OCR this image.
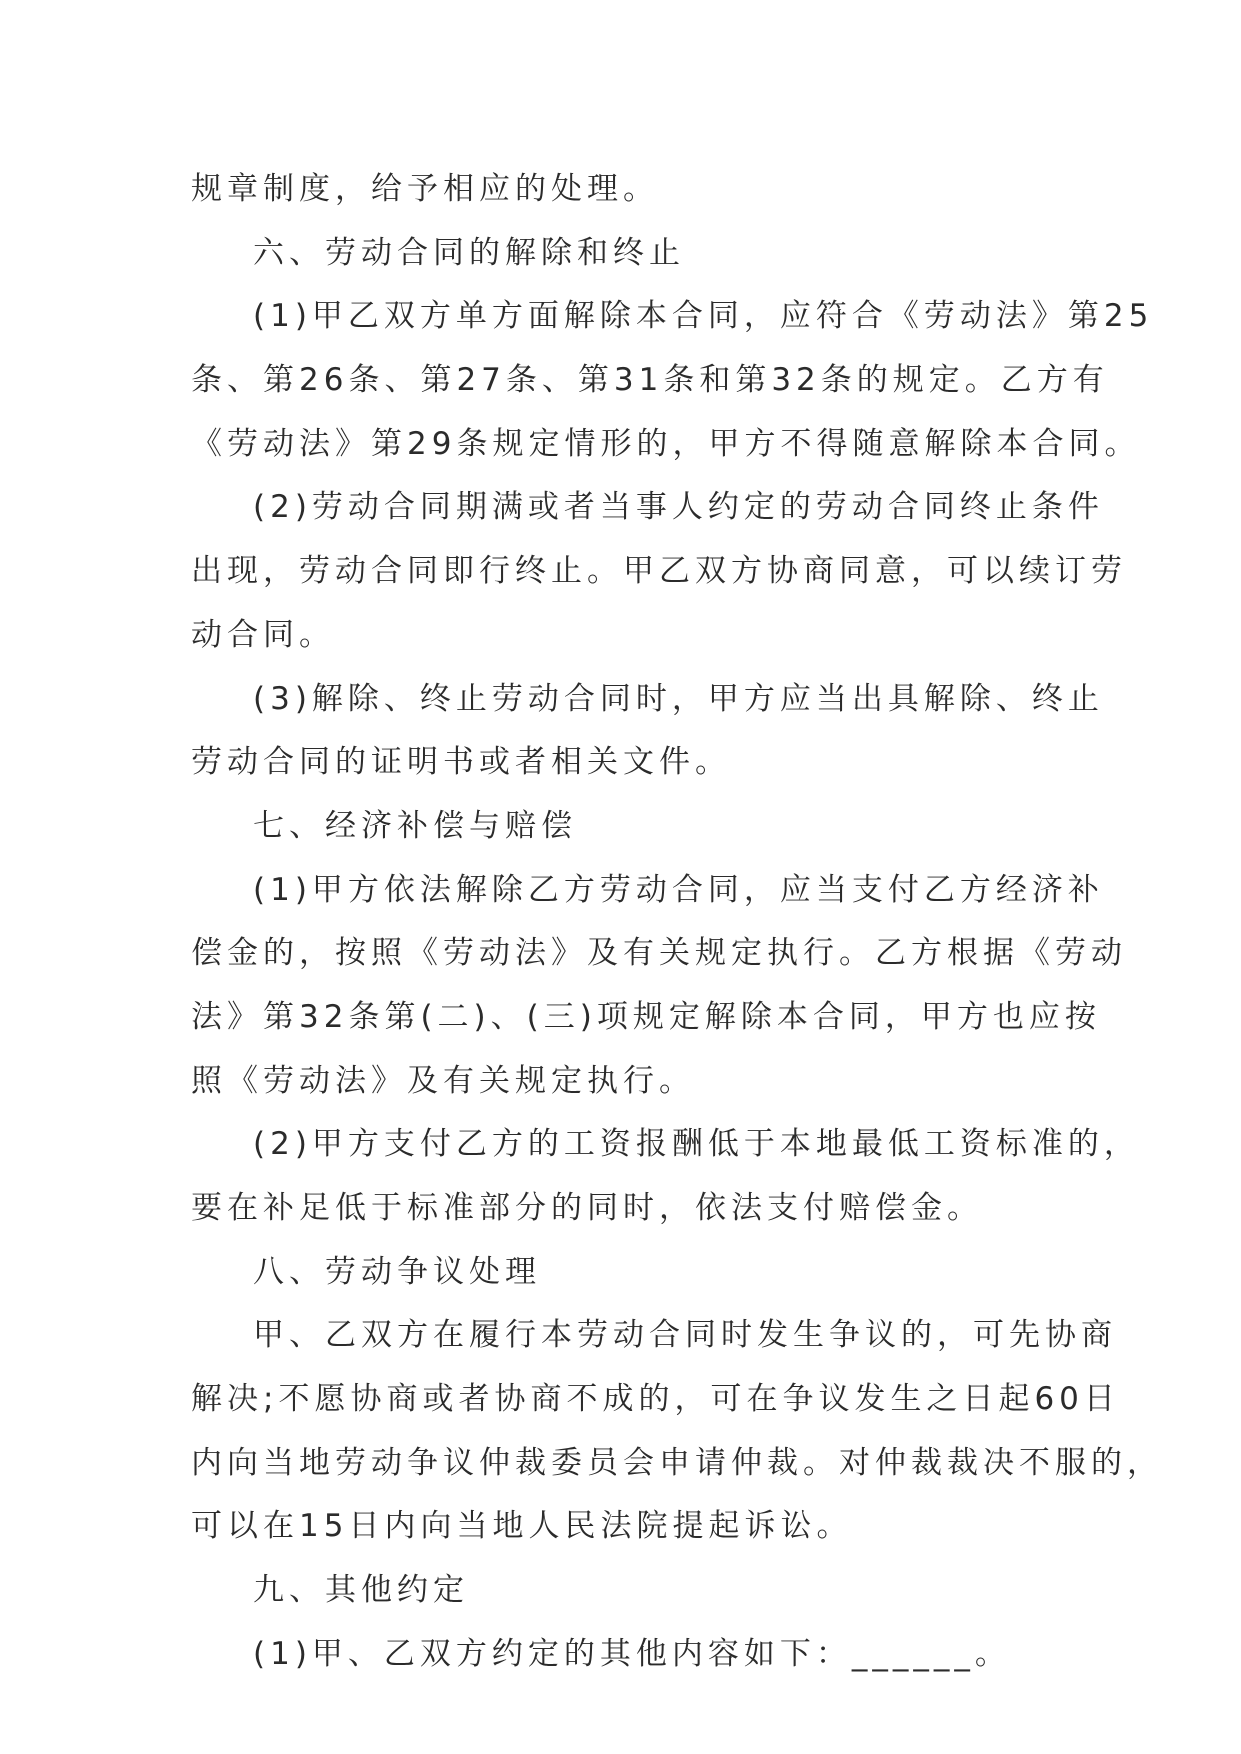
规章制度，给予相应的处理。
六、劳动合同的解除和终止
(1)甲乙双方单方面解除本合同，应符合《劳动法》第25
条、第26条、第27条、第31条和第32条的规定。乙方有
《劳动法》第29条规定情形的，甲方不得随意解除本合同。
(2)劳动合同期满或者当事人约定的劳动合同终止条件
出现，劳动合同即行终止。甲乙双方协商同意，可以续订劳
动合同。
(3)解除、终止劳动合同时，甲方应当出具解除、终止
劳动合同的证明书或者相关文件。
七、经济补偿与赔偿
(1)甲方依法解除乙方劳动合同，应当支付乙方经济补
偿金的，按照《劳动法》及有关规定执行。乙方根据《劳动
法》第32条第(二)、(三)项规定解除本合同，甲方也应按
照《劳动法》及有关规定执行。
(2)甲方支付乙方的工资报酬低于本地最低工资标准的，
要在补足低于标准部分的同时，依法支付赔偿金。
八、劳动争议处理
甲、乙双方在履行本劳动合同时发生争议的，可先协商
解决;不愿协商或者协商不成的，可在争议发生之日起60日
内向当地劳动争议仲裁委员会申请仲裁。对仲裁裁决不服的，
可以在15日内向当地人民法院提起诉讼。
九、其他约定
(1)甲、乙双方约定的其他内容如下：______。
